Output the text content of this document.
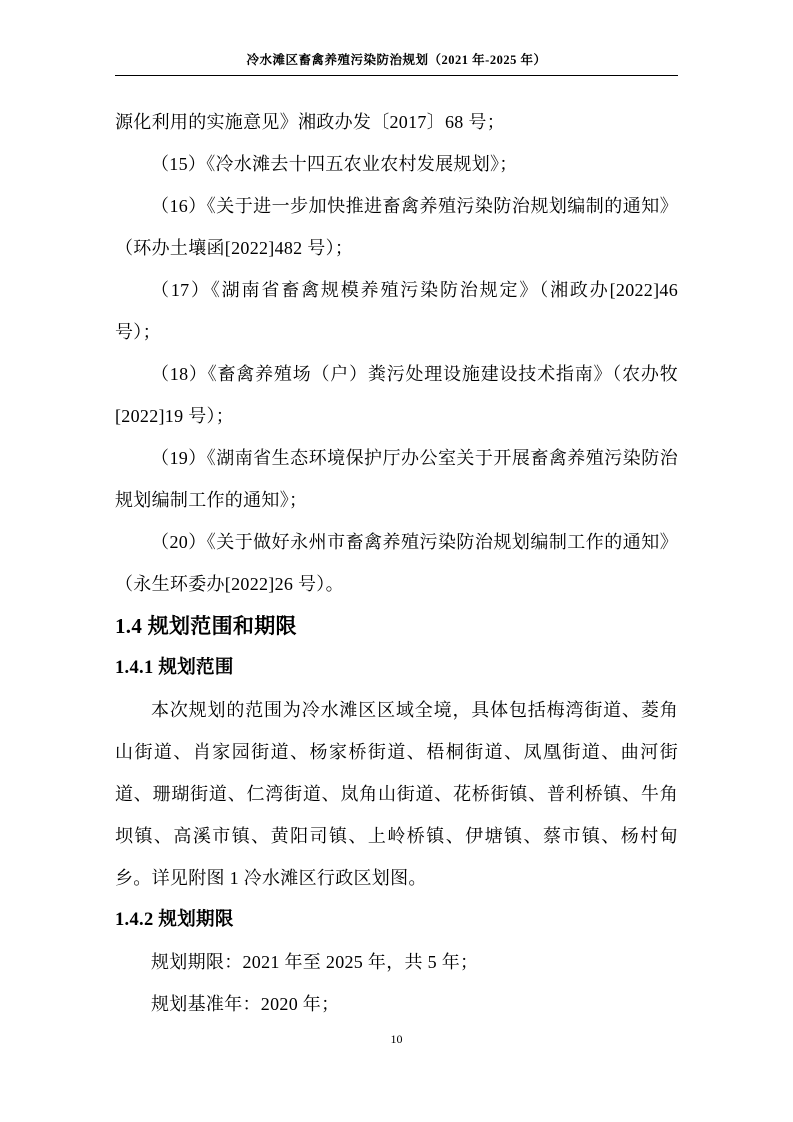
冷水滩区畜禽养殖污染防治规划（2021 年-2025 年）

源化利用的实施意见》湘政办发〔2017〕68 号；

（15）《冷水滩去十四五农业农村发展规划》；

（16）《关于进一步加快推进畜禽养殖污染防治规划编制的通知》（环办土壤函[2022]482 号）；

（17）《湖南省畜禽规模养殖污染防治规定》（湘政办[2022]46 号）；

（18）《畜禽养殖场（户）粪污处理设施建设技术指南》（农办牧[2022]19 号）；

（19）《湖南省生态环境保护厅办公室关于开展畜禽养殖污染防治规划编制工作的通知》；

（20）《关于做好永州市畜禽养殖污染防治规划编制工作的通知》（永生环委办[2022]26 号）。

1.4 规划范围和期限
1.4.1 规划范围

本次规划的范围为冷水滩区区域全境，具体包括梅湾街道、菱角山街道、肖家园街道、杨家桥街道、梧桐街道、凤凰街道、曲河街道、珊瑚街道、仁湾街道、岚角山街道、花桥街镇、普利桥镇、牛角坝镇、高溪市镇、黄阳司镇、上岭桥镇、伊塘镇、蔡市镇、杨村甸乡。详见附图 1 冷水滩区行政区划图。

1.4.2 规划期限

规划期限：2021 年至 2025 年，共 5 年；

规划基准年：2020 年；

10
